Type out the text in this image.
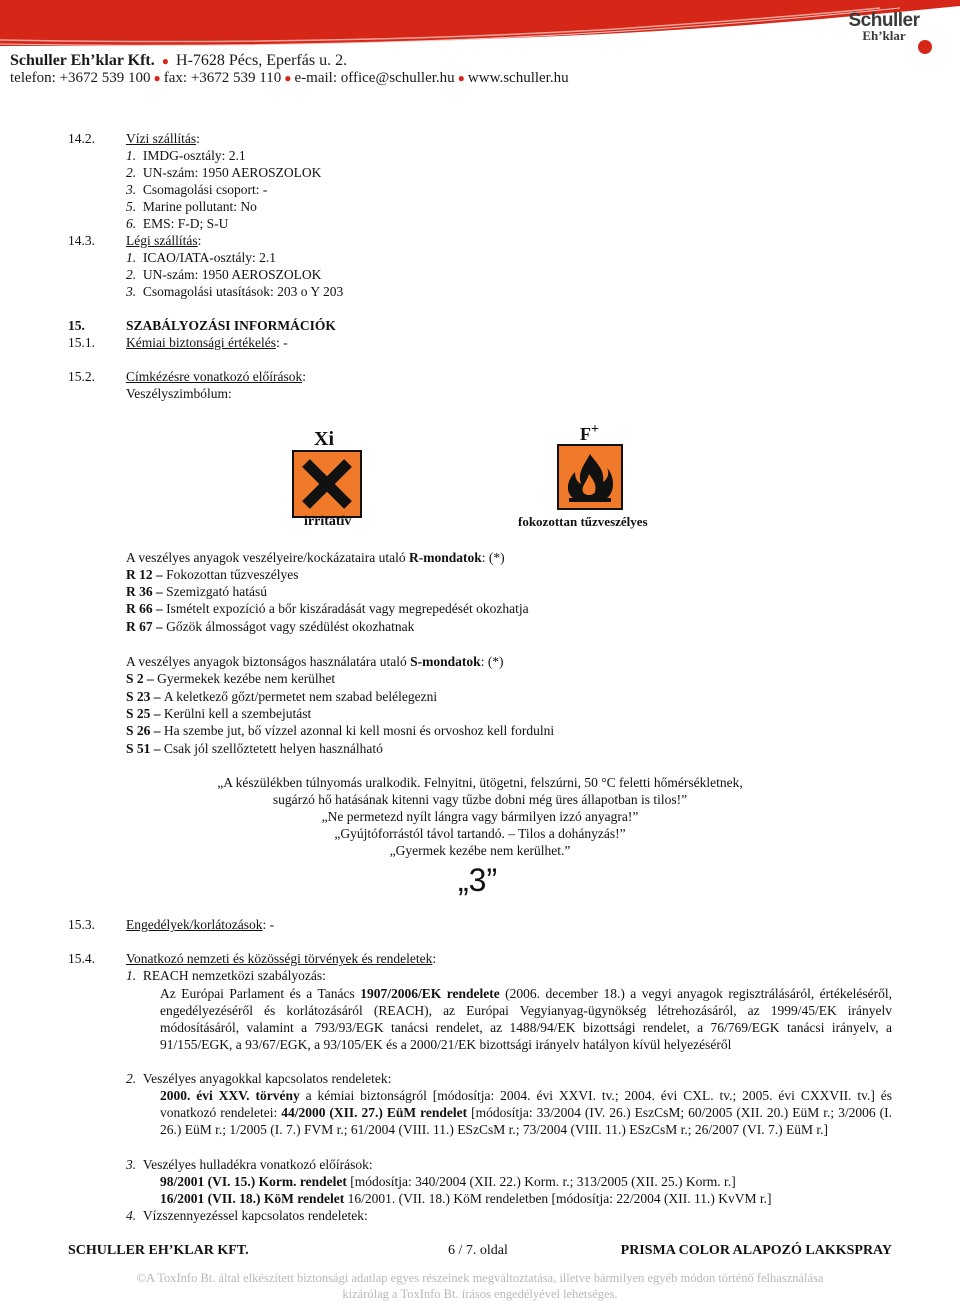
Schuller
Eh’klar
Schuller Eh’klar Kft. ● H-7628 Pécs, Eperfás u. 2.
telefon: +3672 539 100 ● fax: +3672 539 110 ● e-mail: office@schuller.hu ● www.schuller.hu
14.2. Vízi szállítás:
1. IMDG-osztály: 2.1
2. UN-szám: 1950 AEROSZOLOK
3. Csomagolási csoport: -
5. Marine pollutant: No
6. EMS: F-D; S-U
14.3. Légi szállítás:
1. ICAO/IATA-osztály: 2.1
2. UN-szám: 1950 AEROSZOLOK
3. Csomagolási utasítások: 203 o Y 203
15.	SZABÁLYOZÁSI INFORMÁCIÓK
15.1. Kémiai biztonsági értékelés: -
15.2. Címkézésre vonatkozó előírások:
Veszélyszimbólum:
Xi
irritatív
F+
fokozottan tűzveszélyes
A veszélyes anyagok veszélyeire/kockázataira utaló R-mondatok: (*)
R 12 – Fokozottan tűzveszélyes
R 36 – Szemizgató hatású
R 66 – Ismételt expozíció a bőr kiszáradását vagy megrepedését okozhatja
R 67 – Gőzök álmosságot vagy szédülést okozhatnak
A veszélyes anyagok biztonságos használatára utaló S-mondatok: (*)
S 2 – Gyermekek kezébe nem kerülhet
S 23 – A keletkező gőzt/permetet nem szabad belélegezni
S 25 – Kerülni kell a szembejutást
S 26 – Ha szembe jut, bő vízzel azonnal ki kell mosni és orvoshoz kell fordulni
S 51 – Csak jól szellőztetett helyen használható
„A készülékben túlnyomás uralkodik. Felnyitni, ütögetni, felszúrni, 50 °C feletti hőmérsékletnek,
sugárzó hő hatásának kitenni vagy tűzbe dobni még üres állapotban is tilos!”
„Ne permetezd nyílt lángra vagy bármilyen izzó anyagra!”
„Gyújtóforrástól távol tartandó. – Tilos a dohányzás!”
„Gyermek kezébe nem kerülhet.”
„3”
15.3. Engedélyek/korlátozások: -
15.4. Vonatkozó nemzeti és közösségi törvények és rendeletek:
1. REACH nemzetközi szabályozás:
Az Európai Parlament és a Tanács 1907/2006/EK rendelete (2006. december 18.) a vegyi anyagok regisztrálásáról, értékeléséről, engedélyezéséről és korlátozásáról (REACH), az Európai Vegyianyag-ügynökség létrehozásáról, az 1999/45/EK irányelv módosításáról, valamint a 793/93/EGK tanácsi rendelet, az 1488/94/EK bizottsági rendelet, a 76/769/EGK tanácsi irányelv, a 91/155/EGK, a 93/67/EGK, a 93/105/EK és a 2000/21/EK bizottsági irányelv hatályon kívül helyezéséről
2. Veszélyes anyagokkal kapcsolatos rendeletek:
2000. évi XXV. törvény a kémiai biztonságról [módosítja: 2004. évi XXVI. tv.; 2004. évi CXL. tv.; 2005. évi CXXVII. tv.] és vonatkozó rendeletei: 44/2000 (XII. 27.) EüM rendelet [módosítja: 33/2004 (IV. 26.) EszCsM; 60/2005 (XII. 20.) EüM r.; 3/2006 (I. 26.) EüM r.; 1/2005 (I. 7.) FVM r.; 61/2004 (VIII. 11.) ESzCsM r.; 73/2004 (VIII. 11.) ESzCsM r.; 26/2007 (VI. 7.) EüM r.]
3. Veszélyes hulladékra vonatkozó előírások:
98/2001 (VI. 15.) Korm. rendelet [módosítja: 340/2004 (XII. 22.) Korm. r.; 313/2005 (XII. 25.) Korm. r.]
16/2001 (VII. 18.) KöM rendelet 16/2001. (VII. 18.) KöM rendeletben [módosítja: 22/2004 (XII. 11.) KvVM r.]
4. Vízszennyezéssel kapcsolatos rendeletek:
SCHULLER EH’KLAR KFT.	6 / 7. oldal	PRISMA COLOR ALAPOZÓ LAKKSPRAY
©A ToxInfo Bt. által elkészített biztonsági adatlap egyes részeinek megváltoztatása, illetve bármilyen egyéb módon történő felhasználása
kizárólag a ToxInfo Bt. írásos engedélyével lehetséges.
